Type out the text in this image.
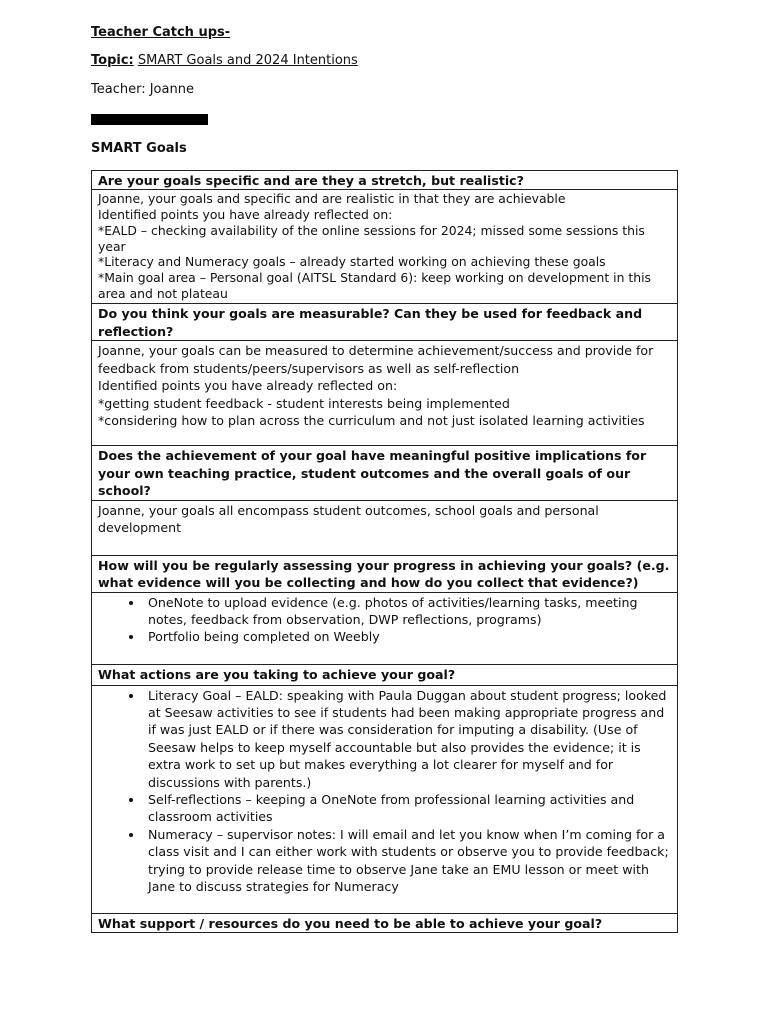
Teacher Catch ups-
Topic: SMART Goals and 2024 Intentions
Teacher: Joanne
SMART Goals
Are your goals specific and are they a stretch, but realistic?

Joanne, your goals and specific and are realistic in that they are achievable

Identified points you have already reflected on:

*EALD – checking availability of the online sessions for 2024; missed some sessions this year

*Literacy and Numeracy goals – already started working on achieving these goals

*Main goal area – Personal goal (AITSL Standard 6): keep working on development in this area and not plateau

Do you think your goals are measurable? Can they be used for feedback and reflection?

Joanne, your goals can be measured to determine achievement/success and provide for feedback from students/peers/supervisors as well as self-reflection

Identified points you have already reflected on:

*getting student feedback - student interests being implemented

*considering how to plan across the curriculum and not just isolated learning activities

Does the achievement of your goal have meaningful positive implications for your own teaching practice, student outcomes and the overall goals of our school?

Joanne, your goals all encompass student outcomes, school goals and personal development

How will you be regularly assessing your progress in achieving your goals? (e.g. what evidence will you be collecting and how do you collect that evidence?)

• OneNote to upload evidence (e.g. photos of activities/learning tasks, meeting notes, feedback from observation, DWP reflections, programs)
• Portfolio being completed on Weebly

What actions are you taking to achieve your goal?

• Literacy Goal – EALD: speaking with Paula Duggan about student progress; looked at Seesaw activities to see if students had been making appropriate progress and if was just EALD or if there was consideration for imputing a disability. (Use of Seesaw helps to keep myself accountable but also provides the evidence; it is extra work to set up but makes everything a lot clearer for myself and for discussions with parents.)
• Self-reflections – keeping a OneNote from professional learning activities and classroom activities
• Numeracy – supervisor notes: I will email and let you know when I’m coming for a class visit and I can either work with students or observe you to provide feedback; trying to provide release time to observe Jane take an EMU lesson or meet with Jane to discuss strategies for Numeracy

What support / resources do you need to be able to achieve your goal?
